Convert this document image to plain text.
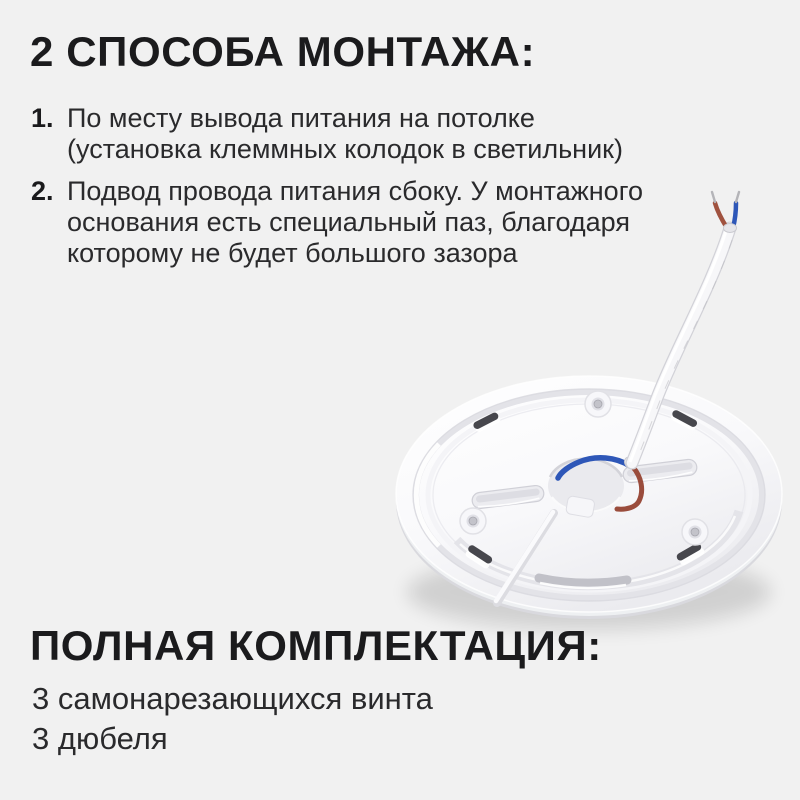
2 СПОСОБА МОНТАЖА:
1. По месту вывода питания на потолке
(установка клеммных колодок в светильник)
2. Подвод провода питания сбоку. У монтажного
основания есть специальный паз, благодаря
которому не будет большого зазора
ПОЛНАЯ КОМПЛЕКТАЦИЯ:
3 самонарезающихся винта
3 дюбеля
